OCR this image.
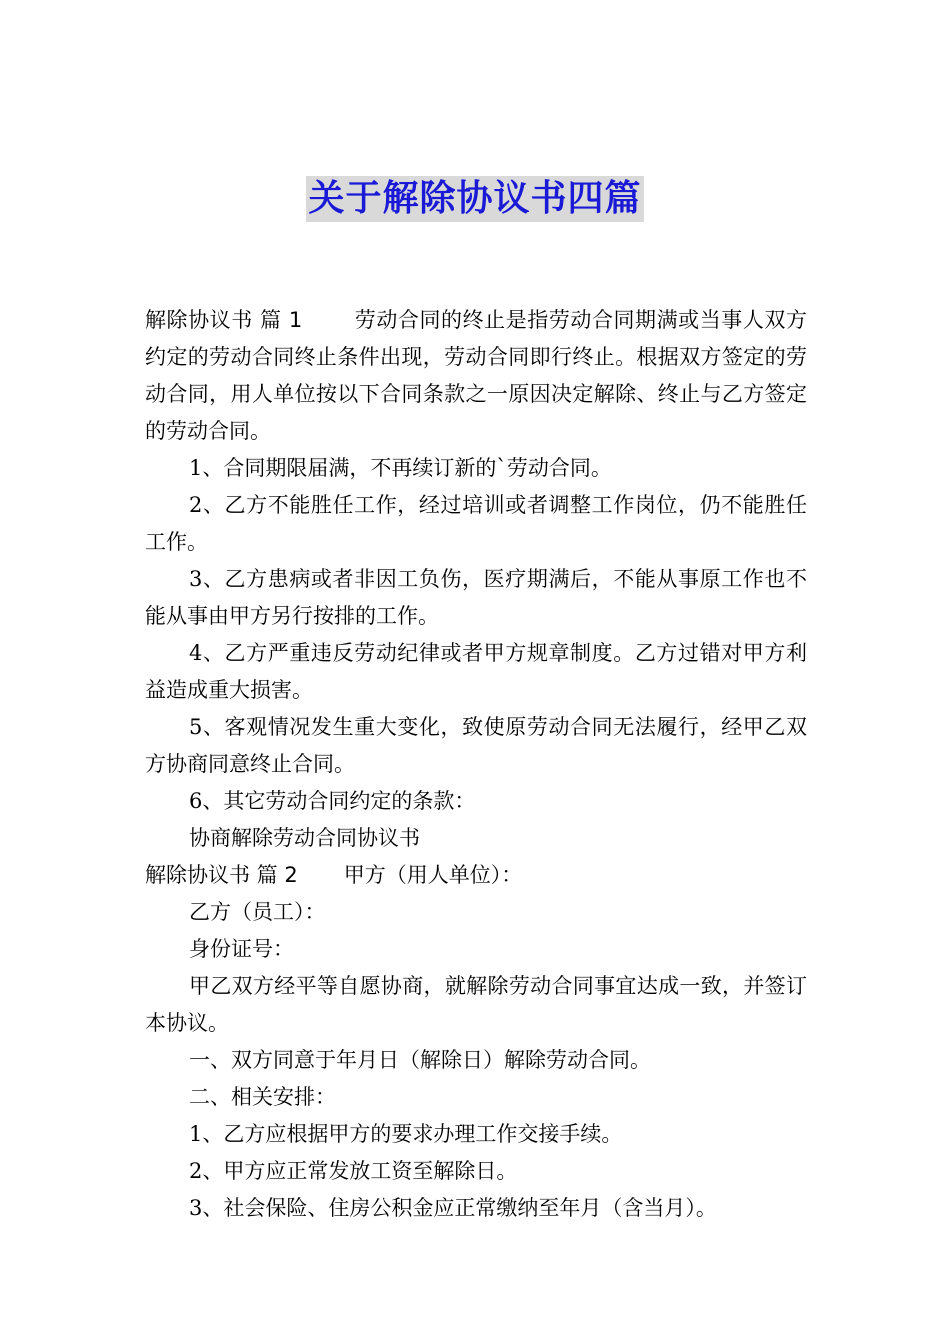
关于解除协议书四篇

解除协议书 篇 1 劳动合同的终止是指劳动合同期满或当事人双方约定的劳动合同终止条件出现，劳动合同即行终止。根据双方签定的劳动合同，用人单位按以下合同条款之一原因决定解除、终止与乙方签定的劳动合同。

1、合同期限届满，不再续订新的`劳动合同。

2、乙方不能胜任工作，经过培训或者调整工作岗位，仍不能胜任工作。

3、乙方患病或者非因工负伤，医疗期满后，不能从事原工作也不能从事由甲方另行按排的工作。

4、乙方严重违反劳动纪律或者甲方规章制度。乙方过错对甲方利益造成重大损害。

5、客观情况发生重大变化，致使原劳动合同无法履行，经甲乙双方协商同意终止合同。

6、其它劳动合同约定的条款：

协商解除劳动合同协议书

解除协议书 篇 2 甲方（用人单位）：

乙方（员工）：

身份证号：

甲乙双方经平等自愿协商，就解除劳动合同事宜达成一致，并签订本协议。

一、双方同意于年月日（解除日）解除劳动合同。

二、相关安排：

1、乙方应根据甲方的要求办理工作交接手续。

2、甲方应正常发放工资至解除日。

3、社会保险、住房公积金应正常缴纳至年月（含当月）。
